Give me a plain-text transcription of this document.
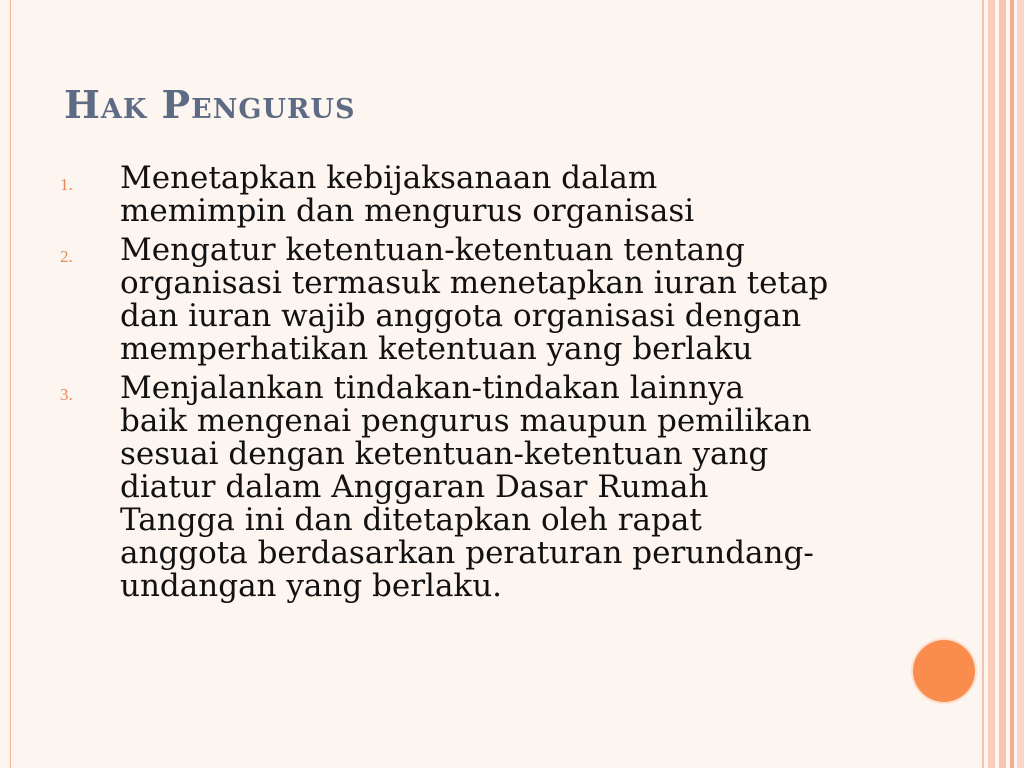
Hak Pengurus
1.	Menetapkan kebijaksanaan dalam
memimpin dan mengurus organisasi
2.	Mengatur ketentuan-ketentuan tentang
organisasi termasuk menetapkan iuran tetap
dan iuran wajib anggota organisasi dengan
memperhatikan ketentuan yang berlaku
3.	Menjalankan tindakan-tindakan lainnya
baik mengenai pengurus maupun pemilikan
sesuai dengan ketentuan-ketentuan yang
diatur dalam Anggaran Dasar Rumah
Tangga ini dan ditetapkan oleh rapat
anggota berdasarkan peraturan perundang-
undangan yang berlaku.
